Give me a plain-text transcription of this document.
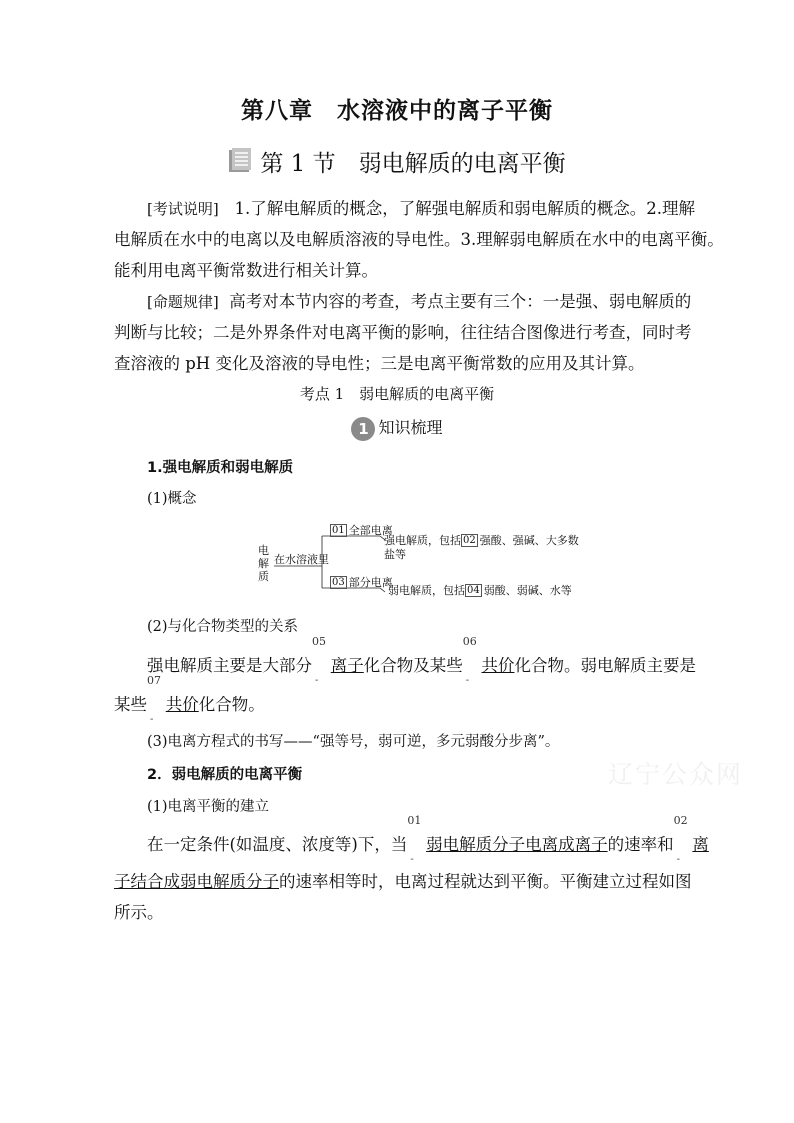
第八章　水溶液中的离子平衡
第 1 节　弱电解质的电离平衡
[考试说明] 1.了解电解质的概念，了解强电解质和弱电解质的概念。2.理解
电解质在水中的电离以及电解质溶液的导电性。3.理解弱电解质在水中的电离平衡。
能利用电离平衡常数进行相关计算。
[命题规律] 高考对本节内容的考查，考点主要有三个：一是强、弱电解质的
判断与比较；二是外界条件对电离平衡的影响，往往结合图像进行考查，同时考
查溶液的 pH 变化及溶液的导电性；三是电离平衡常数的应用及其计算。
考点 1　弱电解质的电离平衡
1 知识梳理
1.强电解质和弱电解质
(1)概念
电解质
在水溶液里
01 全部电离
强电解质，包括 02 强酸、强碱、大多数
盐等
03 部分电离
弱电解质，包括 04 弱酸、弱碱、水等
(2)与化合物类型的关系
强电解质主要是大部分
05
离子
-
化合物及某些
06
共价
-
化合物。弱电解质主要是
某些
07
共价
-
化合物。
(3)电离方程式的书写——“强等号，弱可逆，多元弱酸分步离”。
2．弱电解质的电离平衡
(1)电离平衡的建立
在一定条件(如温度、浓度等)下，当
01
弱电解质分子电离成离子
-
的速率和
02
离
-
子结合成弱电解质分子的速率相等时，电离过程就达到平衡。平衡建立过程如图
所示。
辽宁公众网
